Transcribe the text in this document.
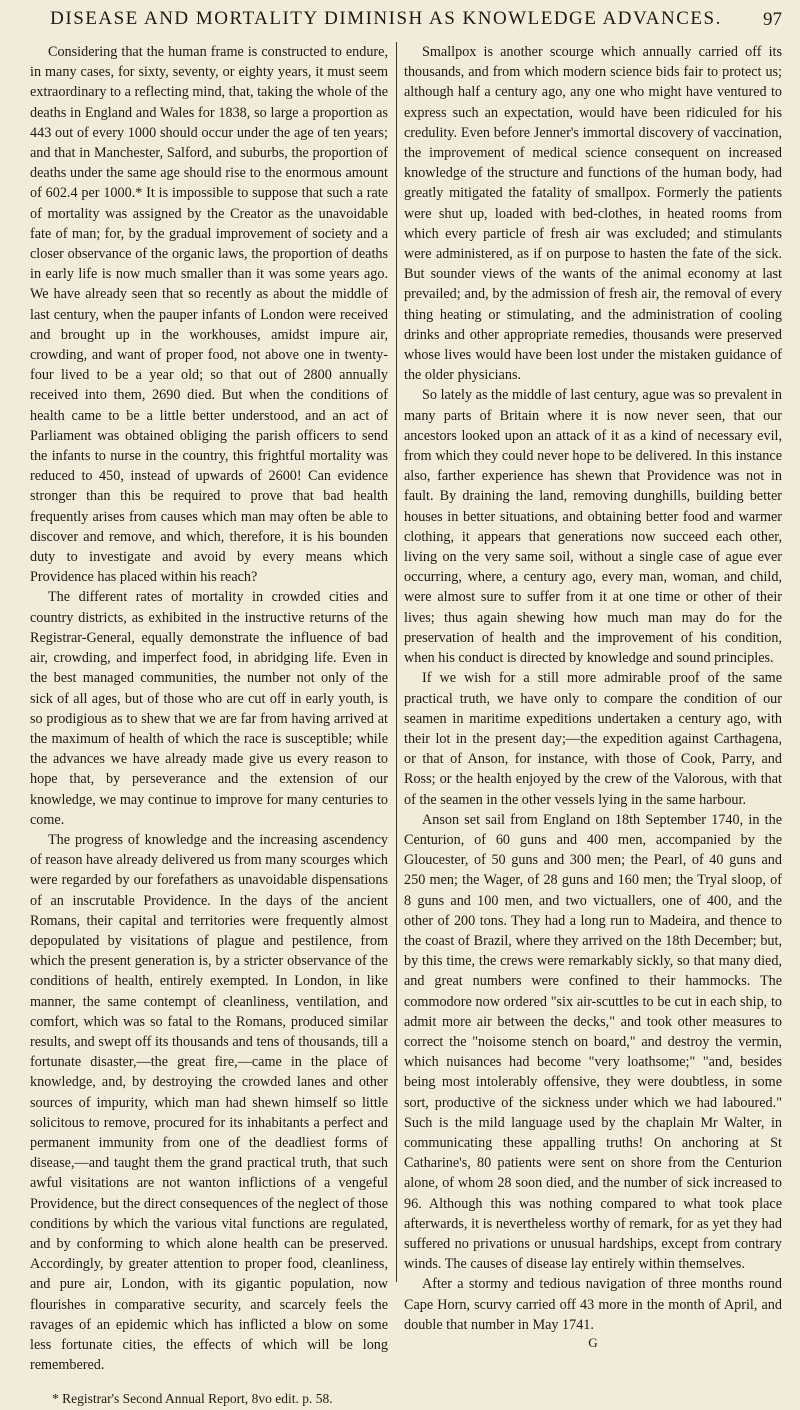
DISEASE AND MORTALITY DIMINISH AS KNOWLEDGE ADVANCES.	97

Considering that the human frame is constructed to endure, in many cases, for sixty, seventy, or eighty years, it must seem extraordinary to a reflecting mind, that, taking the whole of the deaths in England and Wales for 1838, so large a proportion as 443 out of every 1000 should occur under the age of ten years; and that in Manchester, Salford, and suburbs, the proportion of deaths under the same age should rise to the enormous amount of 602.4 per 1000.* It is impossible to suppose that such a rate of mortality was assigned by the Creator as the unavoidable fate of man; for, by the gradual improvement of society and a closer observance of the organic laws, the proportion of deaths in early life is now much smaller than it was some years ago. We have already seen that so recently as about the middle of last century, when the pauper infants of London were received and brought up in the workhouses, amidst impure air, crowding, and want of proper food, not above one in twenty-four lived to be a year old; so that out of 2800 annually received into them, 2690 died. But when the conditions of health came to be a little better understood, and an act of Parliament was obtained obliging the parish officers to send the infants to nurse in the country, this frightful mortality was reduced to 450, instead of upwards of 2600! Can evidence stronger than this be required to prove that bad health frequently arises from causes which man may often be able to discover and remove, and which, therefore, it is his bounden duty to investigate and avoid by every means which Providence has placed within his reach?

The different rates of mortality in crowded cities and country districts, as exhibited in the instructive returns of the Registrar-General, equally demonstrate the influence of bad air, crowding, and imperfect food, in abridging life. Even in the best managed communities, the number not only of the sick of all ages, but of those who are cut off in early youth, is so prodigious as to shew that we are far from having arrived at the maximum of health of which the race is susceptible; while the advances we have already made give us every reason to hope that, by perseverance and the extension of our knowledge, we may continue to improve for many centuries to come.

The progress of knowledge and the increasing ascendency of reason have already delivered us from many scourges which were regarded by our forefathers as unavoidable dispensations of an inscrutable Providence. In the days of the ancient Romans, their capital and territories were frequently almost depopulated by visitations of plague and pestilence, from which the present generation is, by a stricter observance of the conditions of health, entirely exempted. In London, in like manner, the same contempt of cleanliness, ventilation, and comfort, which was so fatal to the Romans, produced similar results, and swept off its thousands and tens of thousands, till a fortunate disaster,—the great fire,—came in the place of knowledge, and, by destroying the crowded lanes and other sources of impurity, which man had shewn himself so little solicitous to remove, procured for its inhabitants a perfect and permanent immunity from one of the deadliest forms of disease,—and taught them the grand practical truth, that such awful visitations are not wanton inflictions of a vengeful Providence, but the direct consequences of the neglect of those conditions by which the various vital functions are regulated, and by conforming to which alone health can be preserved. Accordingly, by greater attention to proper food, cleanliness, and pure air, London, with its gigantic population, now flourishes in comparative security, and scarcely feels the ravages of an epidemic which has inflicted a blow on some less fortunate cities, the effects of which will be long remembered.

* Registrar's Second Annual Report, 8vo edit. p. 58.

Smallpox is another scourge which annually carried off its thousands, and from which modern science bids fair to protect us; although half a century ago, any one who might have ventured to express such an expectation, would have been ridiculed for his credulity. Even before Jenner's immortal discovery of vaccination, the improvement of medical science consequent on increased knowledge of the structure and functions of the human body, had greatly mitigated the fatality of smallpox. Formerly the patients were shut up, loaded with bed-clothes, in heated rooms from which every particle of fresh air was excluded; and stimulants were administered, as if on purpose to hasten the fate of the sick. But sounder views of the wants of the animal economy at last prevailed; and, by the admission of fresh air, the removal of every thing heating or stimulating, and the administration of cooling drinks and other appropriate remedies, thousands were preserved whose lives would have been lost under the mistaken guidance of the older physicians.

So lately as the middle of last century, ague was so prevalent in many parts of Britain where it is now never seen, that our ancestors looked upon an attack of it as a kind of necessary evil, from which they could never hope to be delivered. In this instance also, farther experience has shewn that Providence was not in fault. By draining the land, removing dunghills, building better houses in better situations, and obtaining better food and warmer clothing, it appears that generations now succeed each other, living on the very same soil, without a single case of ague ever occurring, where, a century ago, every man, woman, and child, were almost sure to suffer from it at one time or other of their lives; thus again shewing how much man may do for the preservation of health and the improvement of his condition, when his conduct is directed by knowledge and sound principles.

If we wish for a still more admirable proof of the same practical truth, we have only to compare the condition of our seamen in maritime expeditions undertaken a century ago, with their lot in the present day;—the expedition against Carthagena, or that of Anson, for instance, with those of Cook, Parry, and Ross; or the health enjoyed by the crew of the Valorous, with that of the seamen in the other vessels lying in the same harbour.

Anson set sail from England on 18th September 1740, in the Centurion, of 60 guns and 400 men, accompanied by the Gloucester, of 50 guns and 300 men; the Pearl, of 40 guns and 250 men; the Wager, of 28 guns and 160 men; the Tryal sloop, of 8 guns and 100 men, and two victuallers, one of 400, and the other of 200 tons. They had a long run to Madeira, and thence to the coast of Brazil, where they arrived on the 18th December; but, by this time, the crews were remarkably sickly, so that many died, and great numbers were confined to their hammocks. The commodore now ordered "six air-scuttles to be cut in each ship, to admit more air between the decks," and took other measures to correct the "noisome stench on board," and destroy the vermin, which nuisances had become "very loathsome;" "and, besides being most intolerably offensive, they were doubtless, in some sort, productive of the sickness under which we had laboured." Such is the mild language used by the chaplain Mr Walter, in communicating these appalling truths! On anchoring at St Catharine's, 80 patients were sent on shore from the Centurion alone, of whom 28 soon died, and the number of sick increased to 96. Although this was nothing compared to what took place afterwards, it is nevertheless worthy of remark, for as yet they had suffered no privations or unusual hardships, except from contrary winds. The causes of disease lay entirely within themselves.

After a stormy and tedious navigation of three months round Cape Horn, scurvy carried off 43 more in the month of April, and double that number in May 1741.

G
